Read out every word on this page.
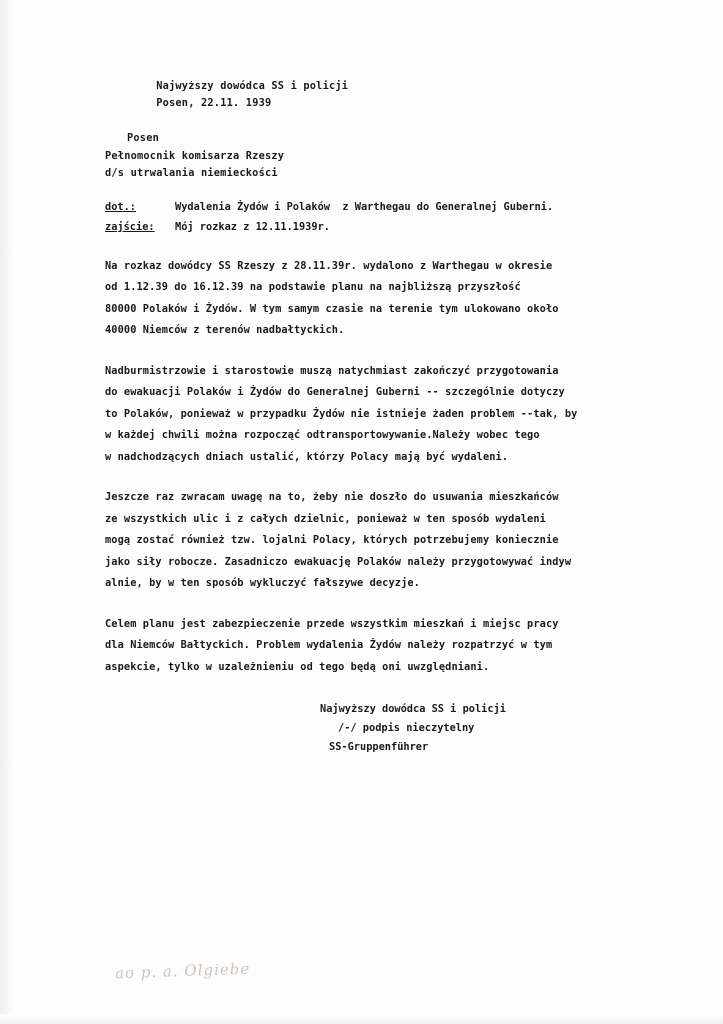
Najwyższy dowódca SS i policji
Posen, 22.11. 1939

Posen
Pełnomocnik komisarza Rzeszy
d/s utrwalania niemieckości
dot.:	Wydalenia Żydów i Polaków  z Warthegau do Generalnej Guberni.
zajście:	Mój rozkaz z 12.11.1939r.
Na rozkaz dowódcy SS Rzeszy z 28.11.39r. wydalono z Warthegau w okresie
od 1.12.39 do 16.12.39 na podstawie planu na najbliższą przyszłość
80000 Polaków i Żydów. W tym samym czasie na terenie tym ulokowano około
40000 Niemców z terenów nadbałtyckich.
Nadburmistrzowie i starostowie muszą natychmiast zakończyć przygotowania
do ewakuacji Polaków i Żydów do Generalnej Guberni -- szczególnie dotyczy
to Polaków, ponieważ w przypadku Żydów nie istnieje żaden problem --tak, by
w każdej chwili można rozpocząć odtransportowywanie.Należy wobec tego
w nadchodzących dniach ustalić, którzy Polacy mają być wydaleni.
Jeszcze raz zwracam uwagę na to, żeby nie doszło do usuwania mieszkańców
ze wszystkich ulic i z całych dzielnic, ponieważ w ten sposób wydaleni
mogą zostać również tzw. lojalni Polacy, których potrzebujemy koniecznie
jako siły robocze. Zasadniczo ewakuację Polaków należy przygotowywać indyw
alnie, by w ten sposób wykluczyć fałszywe decyzje.
Celem planu jest zabezpieczenie przede wszystkim mieszkań i miejsc pracy
dla Niemców Bałtyckich. Problem wydalenia Żydów należy rozpatrzyć w tym
aspekcie, tylko w uzależnieniu od tego będą oni uwzględniani.
Najwyższy dowódca SS i policji
/-/ podpis nieczytelny
SS-Gruppenführer
ao p. a. Olgiebe
